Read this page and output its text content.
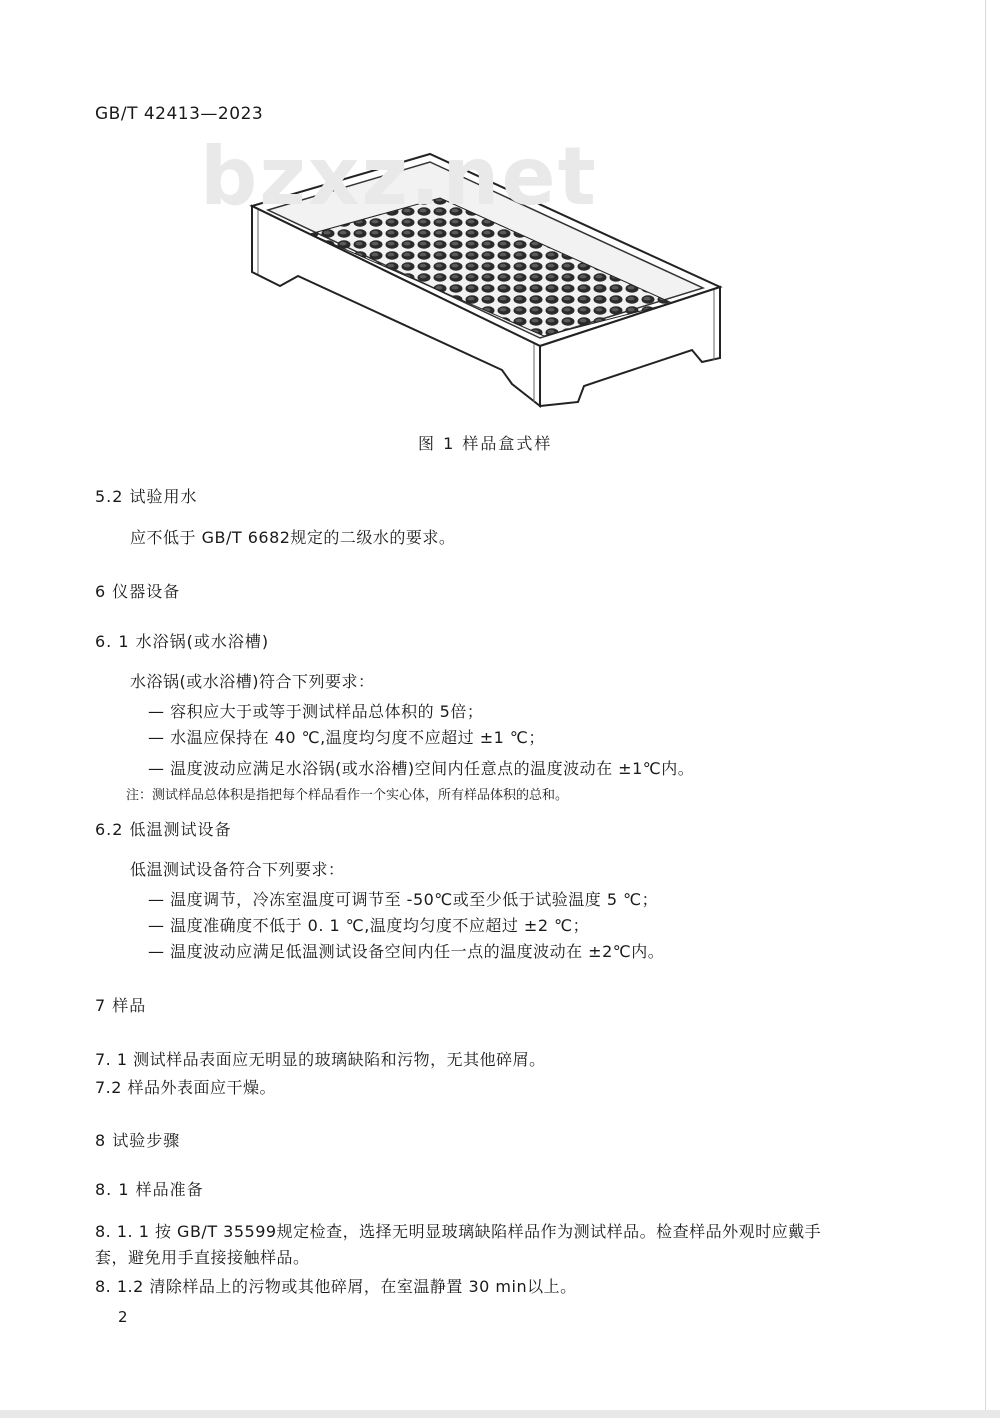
GB/T 42413—2023
bzxz.net
图 1 样品盒式样
5.2 试验用水
应不低于 GB/T 6682规定的二级水的要求。
6 仪器设备
6. 1 水浴锅(或水浴槽)
水浴锅(或水浴槽)符合下列要求：
— 容积应大于或等于测试样品总体积的 5倍；
— 水温应保持在 40 ℃,温度均匀度不应超过 ±1 ℃；
— 温度波动应满足水浴锅(或水浴槽)空间内任意点的温度波动在 ±1℃内。
注：测试样品总体积是指把每个样品看作一个实心体，所有样品体积的总和。
6.2 低温测试设备
低温测试设备符合下列要求：
— 温度调节，冷冻室温度可调节至 -50℃或至少低于试验温度 5 ℃；
— 温度准确度不低于 0. 1 ℃,温度均匀度不应超过 ±2 ℃；
— 温度波动应满足低温测试设备空间内任一点的温度波动在 ±2℃内。
7 样品
7. 1 测试样品表面应无明显的玻璃缺陷和污物，无其他碎屑。
7.2 样品外表面应干燥。
8 试验步骤
8. 1 样品准备
8. 1. 1 按 GB/T 35599规定检查，选择无明显玻璃缺陷样品作为测试样品。检查样品外观时应戴手
套，避免用手直接接触样品。
8. 1.2 清除样品上的污物或其他碎屑，在室温静置 30 min以上。
2
